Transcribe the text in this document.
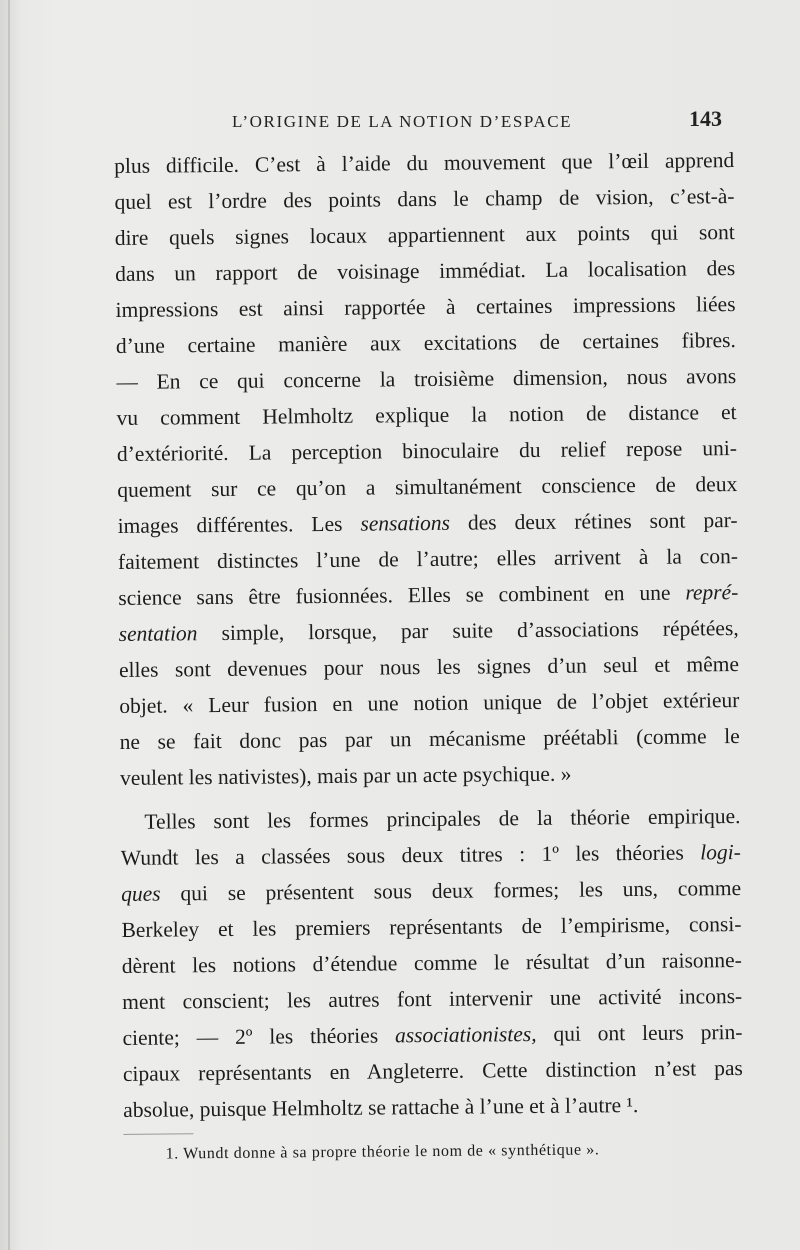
L’ORIGINE DE LA NOTION D’ESPACE	143
plus difficile. C’est à l’aide du mouvement que l’œil apprend
quel est l’ordre des points dans le champ de vision, c’est-à-
dire quels signes locaux appartiennent aux points qui sont
dans un rapport de voisinage immédiat. La localisation des
impressions est ainsi rapportée à certaines impressions liées
d’une certaine manière aux excitations de certaines fibres.
— En ce qui concerne la troisième dimension, nous avons
vu comment Helmholtz explique la notion de distance et
d’extériorité. La perception binoculaire du relief repose uni-
quement sur ce qu’on a simultanément conscience de deux
images différentes. Les sensations des deux rétines sont par-
faitement distinctes l’une de l’autre; elles arrivent à la con-
science sans être fusionnées. Elles se combinent en une repré-
sentation simple, lorsque, par suite d’associations répétées,
elles sont devenues pour nous les signes d’un seul et même
objet. « Leur fusion en une notion unique de l’objet extérieur
ne se fait donc pas par un mécanisme préétabli (comme le
veulent les nativistes), mais par un acte psychique. »
Telles sont les formes principales de la théorie empirique.
Wundt les a classées sous deux titres : 1º les théories logi-
ques qui se présentent sous deux formes; les uns, comme
Berkeley et les premiers représentants de l’empirisme, consi-
dèrent les notions d’étendue comme le résultat d’un raisonne-
ment conscient; les autres font intervenir une activité incons-
ciente; — 2º les théories associationistes, qui ont leurs prin-
cipaux représentants en Angleterre. Cette distinction n’est pas
absolue, puisque Helmholtz se rattache à l’une et à l’autre ¹.
1. Wundt donne à sa propre théorie le nom de « synthétique ».
